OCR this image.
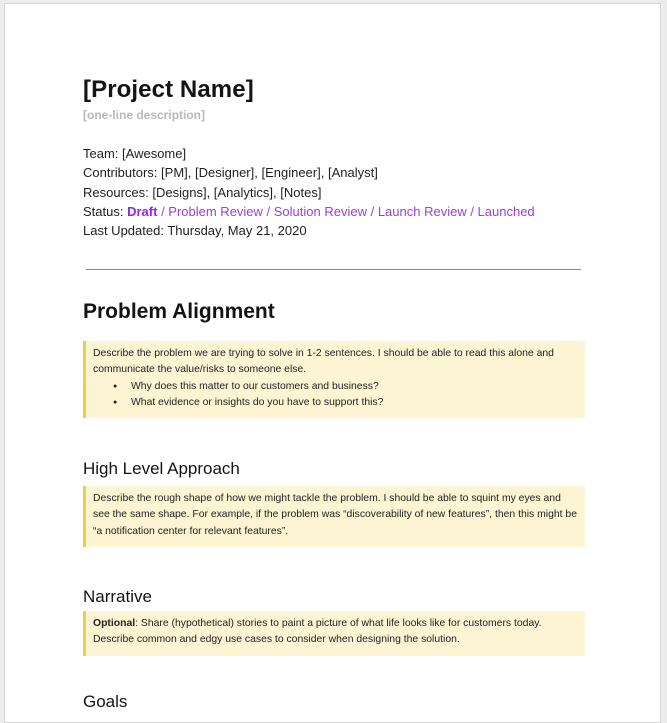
[Project Name]
[one-line description]
Team: [Awesome]
Contributors: [PM], [Designer], [Engineer], [Analyst]
Resources: [Designs], [Analytics], [Notes]
Status: Draft / Problem Review / Solution Review / Launch Review / Launched
Last Updated: Thursday, May 21, 2020
Problem Alignment
Describe the problem we are trying to solve in 1-2 sentences. I should be able to read this alone and communicate the value/risks to someone else.
● Why does this matter to our customers and business?
● What evidence or insights do you have to support this?
High Level Approach
Describe the rough shape of how we might tackle the problem. I should be able to squint my eyes and see the same shape. For example, if the problem was “discoverability of new features”, then this might be “a notification center for relevant features”.
Narrative
Optional: Share (hypothetical) stories to paint a picture of what life looks like for customers today. Describe common and edgy use cases to consider when designing the solution.
Goals
